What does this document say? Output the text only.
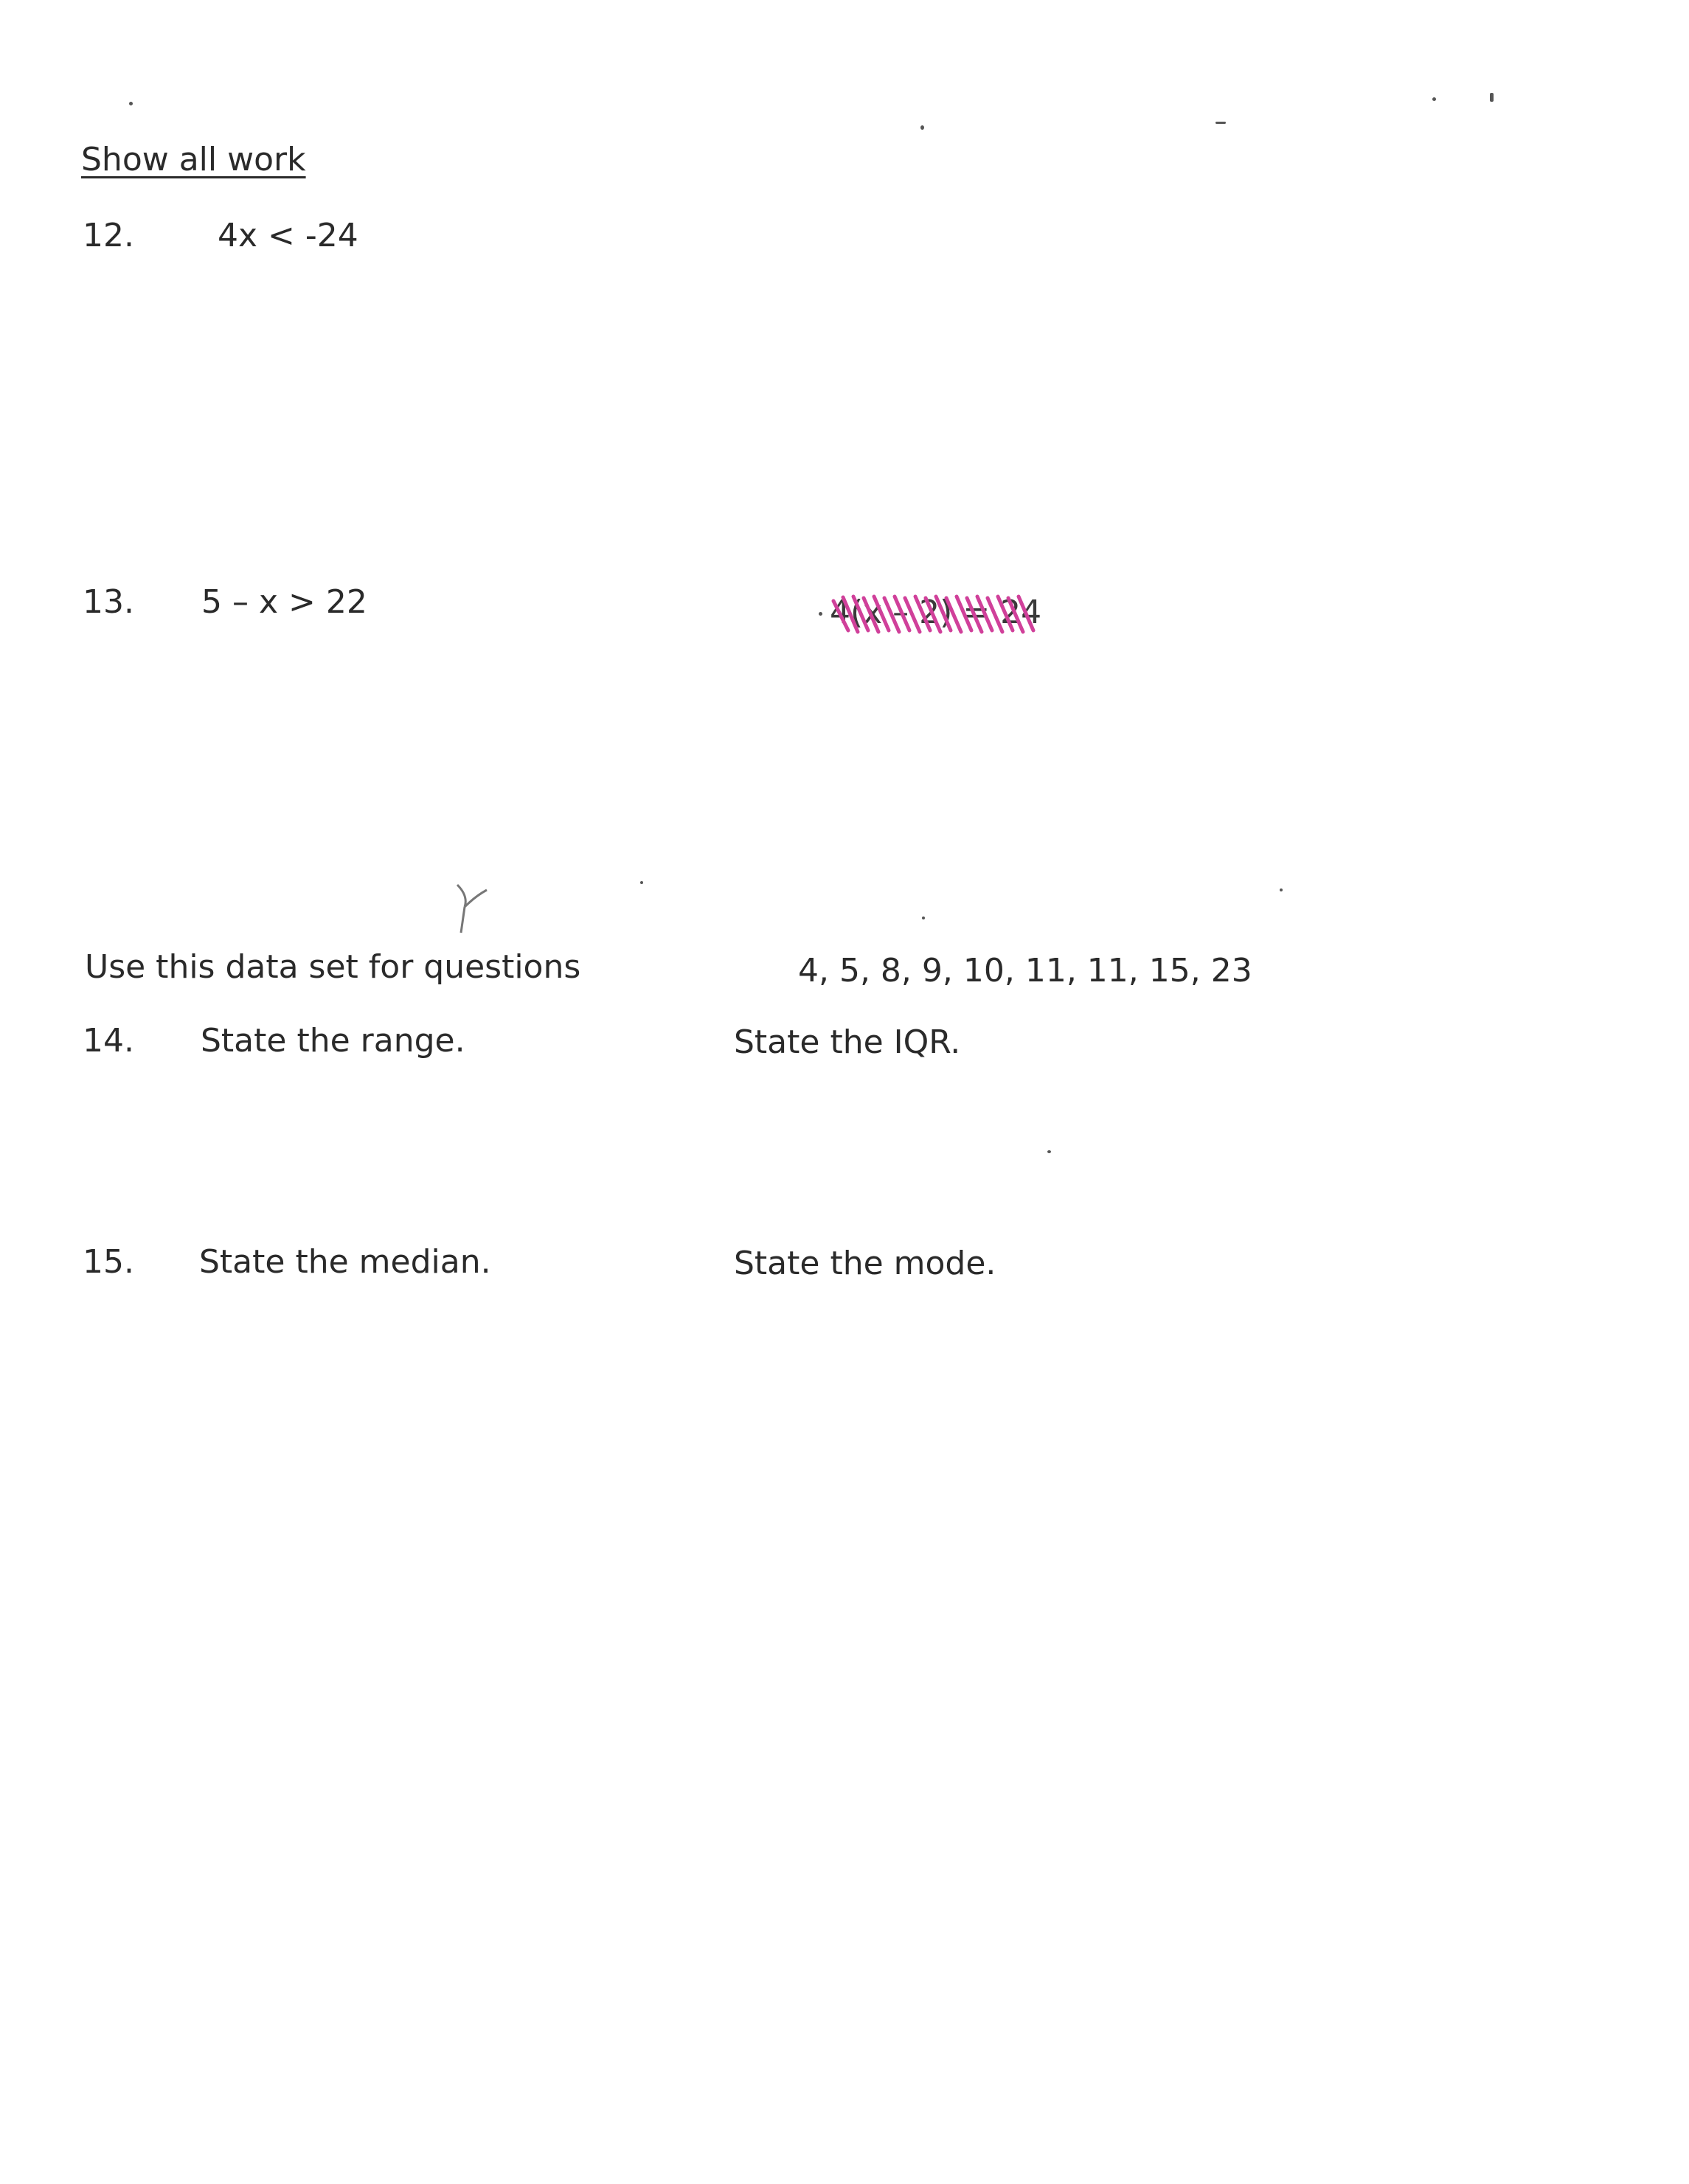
Show all work
12.	4x < -24
13. 5 – x > 22	4(x – 2) = 24
Use this data set for questions	4, 5, 8, 9, 10, 11, 11, 15, 23
14. State the range.	State the IQR.
15. State the median.	State the mode.
